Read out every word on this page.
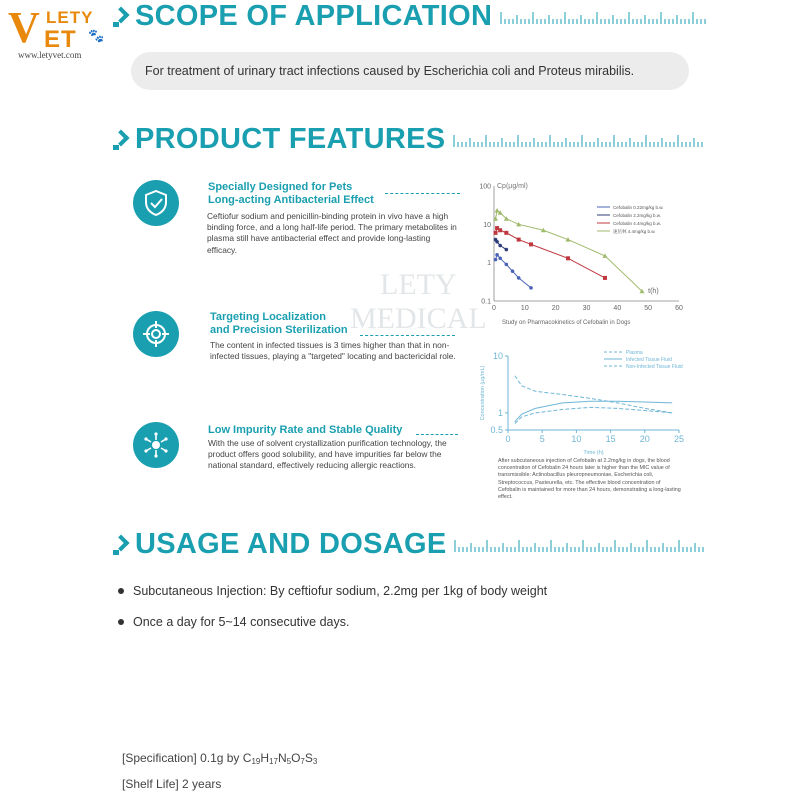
V LETY
ET 🐾
www.letyvet.com
SCOPE OF APPLICATION
For treatment of urinary tract infections caused by Escherichia coli and Proteus mirabilis.
PRODUCT FEATURES
LETY
MEDICAL
Specially Designed for Pets
Long-acting Antibacterial Effect
Ceftiofur sodium and penicillin-binding protein in vivo have a high binding force, and a long half-life period. The primary metabolites in plasma still have antibacterial effect and provide long-lasting efficacy.
Targeting Localization
and Precision Sterilization
The content in infected tissues is 3 times higher than that in non-infected tissues, playing a "targeted" locating and bactericidal role.
Low Impurity Rate and Stable Quality
With the use of solvent crystallization purification technology, the product offers good solubility, and have impurities far below the national standard, effectively reducing allergic reactions.
Cp(µg/ml)
100
10
1
0.1
0	10	20	30	40	50	60
t(h)
Cefobalin 0.22mg/kg b.w.
Cefobalin 2.2mg/kg b.w.
Cefobalin 4.4mg/kg b.w.
速倍林 4.4mg/kg b.w.
Study on Pharmacokinetics of Cefobalin in Dogs
10
1
0.5
0	5	10	15	20	25
Time (h)
Concentration (µg/mL)
Plasma
Infected Tissue Fluid
Non-Infected Tissue Fluid
After subcutaneous injection of Cefobalin at 2.2mg/kg in dogs, the blood concentration of Cefobalin 24 hours later is higher than the MIC value of transmissible: Actinobacillus pleuropneumoniae, Escherichia coli, Streptococcus, Pasteurella, etc. The effective blood concentration of Cefobalin is maintained for more than 24 hours, demonstrating a long-lasting effect.
USAGE AND DOSAGE
Subcutaneous Injection: By ceftiofur sodium, 2.2mg per 1kg of body weight
Once a day for 5~14 consecutive days.
[Specification] 0.1g by $C_{19}H_{17}N_5O_7S_3$
[Shelf Life] 2 years
